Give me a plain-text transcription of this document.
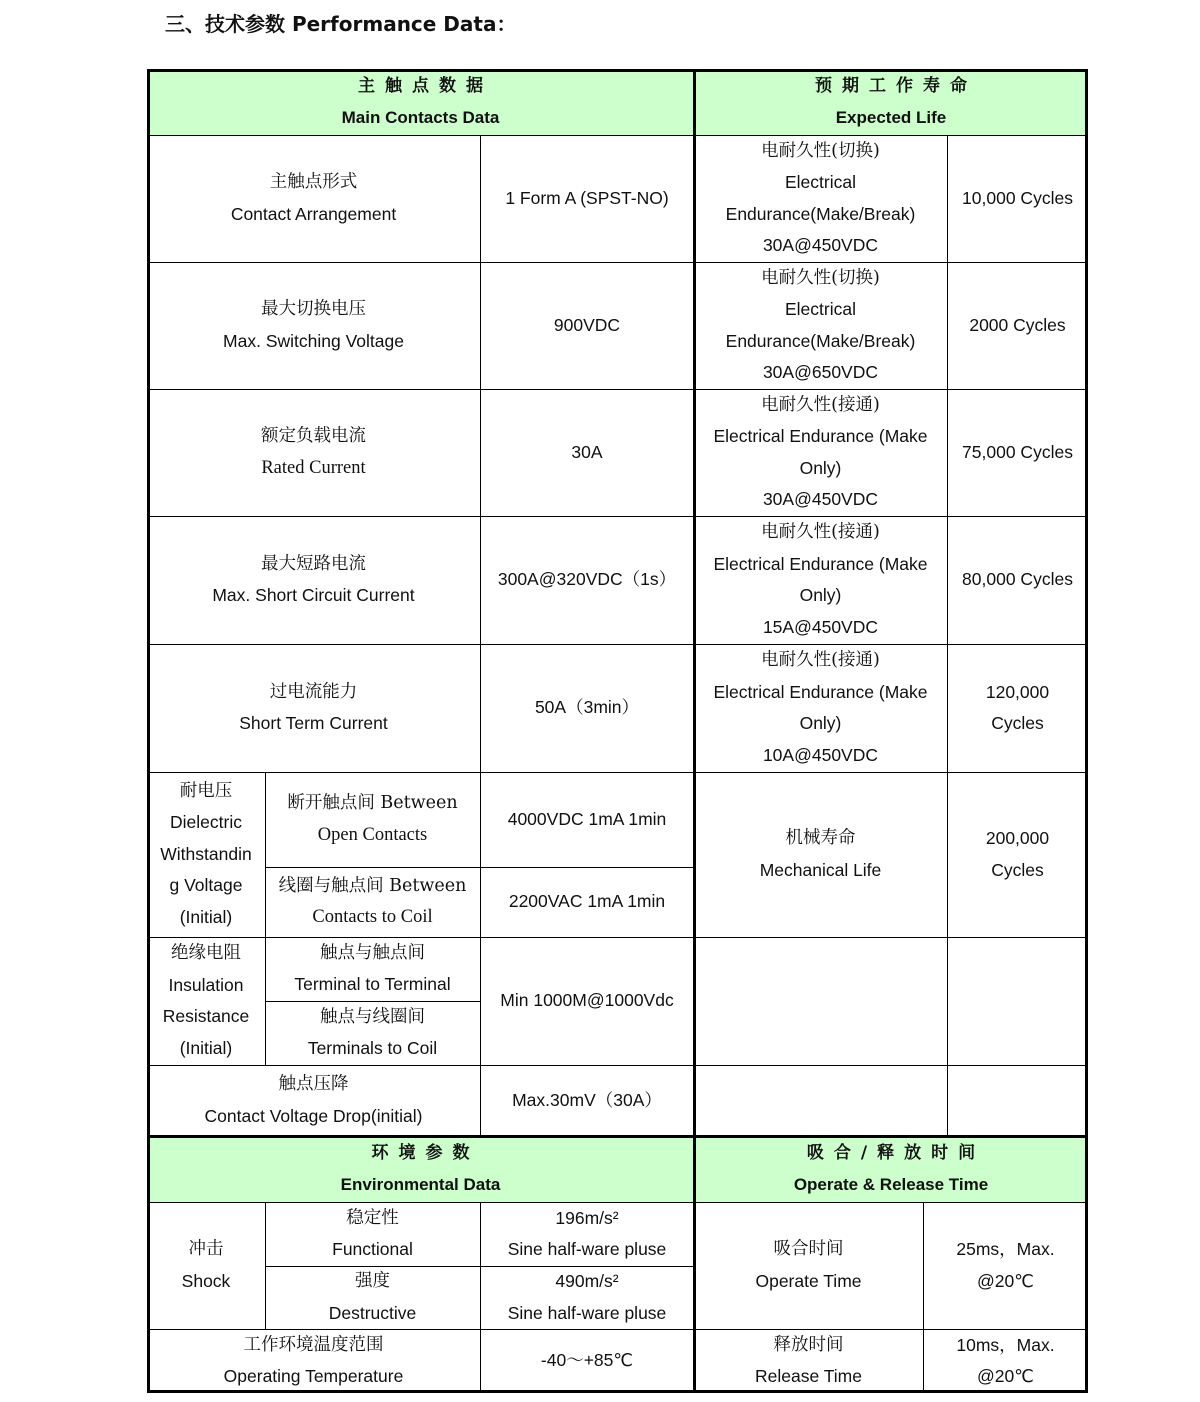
三、技术参数 Performance Data：
主触点数据
Main Contacts Data
预期工作寿命
Expected Life
主触点形式
Contact Arrangement
1 Form A (SPST-NO)
最大切换电压
Max. Switching Voltage
900VDC
额定负载电流
Rated Current
30A
最大短路电流
Max. Short Circuit Current
300A@320VDC（1s）
过电流能力
Short Term Current
50A（3min）
耐电压
Dielectric
Withstandin
g Voltage
(Initial)
断开触点间 Between
Open Contacts
4000VDC 1mA 1min
线圈与触点间 Between
Contacts to Coil
2200VAC 1mA 1min
绝缘电阻
Insulation
Resistance
(Initial)
触点与触点间
Terminal to Terminal
触点与线圈间
Terminals to Coil
Min 1000M@1000Vdc
触点压降
Contact Voltage Drop(initial)
Max.30mV（30A）
电耐久性(切换)
Electrical
Endurance(Make/Break)
30A@450VDC
10,000 Cycles
电耐久性(切换)
Electrical
Endurance(Make/Break)
30A@650VDC
2000 Cycles
电耐久性(接通)
Electrical Endurance (Make
Only)
30A@450VDC
75,000 Cycles
电耐久性(接通)
Electrical Endurance (Make
Only)
15A@450VDC
80,000 Cycles
电耐久性(接通)
Electrical Endurance (Make
Only)
10A@450VDC
120,000
Cycles
机械寿命
Mechanical Life
200,000
Cycles
环境参数
Environmental Data
吸合/释放时间
Operate & Release Time
冲击
Shock
稳定性
Functional
196m/s²
Sine half-ware pluse
强度
Destructive
490m/s²
Sine half-ware pluse
工作环境温度范围
Operating Temperature
-40～+85℃
吸合时间
Operate Time
25ms，Max.
@20℃
释放时间
Release Time
10ms，Max.
@20℃
